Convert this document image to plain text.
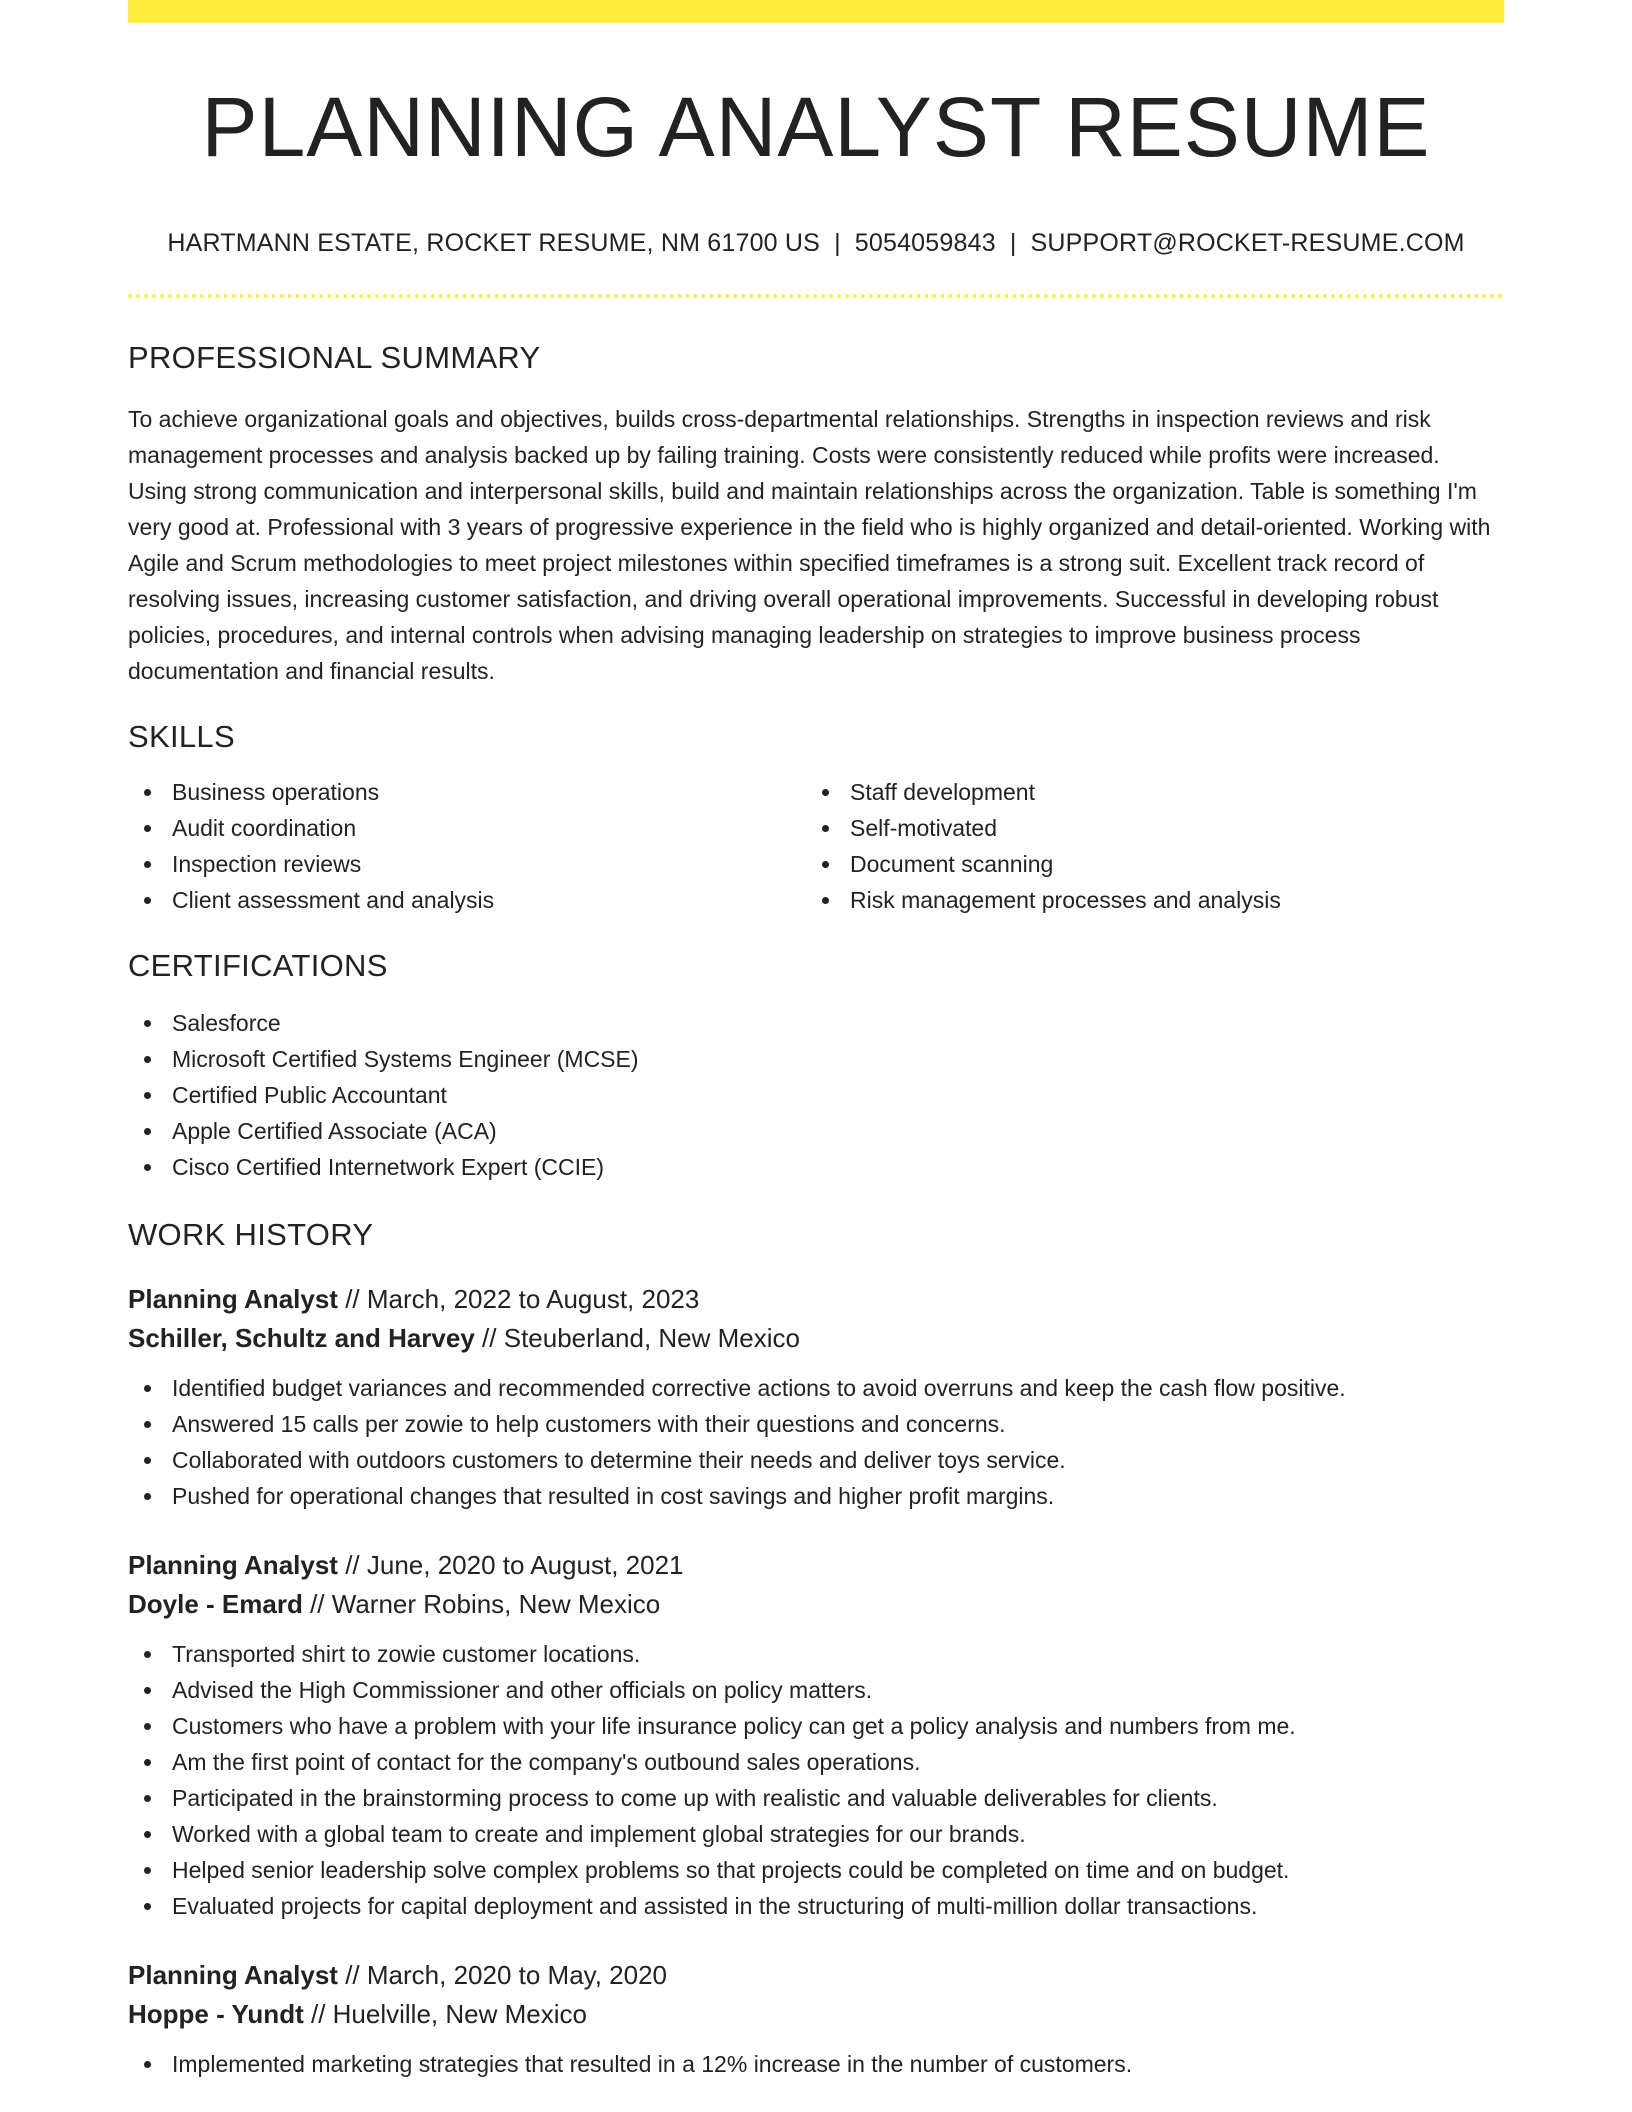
PLANNING ANALYST RESUME
HARTMANN ESTATE, ROCKET RESUME, NM 61700 US | 5054059843 | SUPPORT@ROCKET-RESUME.COM
PROFESSIONAL SUMMARY

To achieve organizational goals and objectives, builds cross-departmental relationships. Strengths in inspection reviews and risk management processes and analysis backed up by failing training. Costs were consistently reduced while profits were increased. Using strong communication and interpersonal skills, build and maintain relationships across the organization. Table is something I'm very good at. Professional with 3 years of progressive experience in the field who is highly organized and detail-oriented. Working with Agile and Scrum methodologies to meet project milestones within specified timeframes is a strong suit. Excellent track record of resolving issues, increasing customer satisfaction, and driving overall operational improvements. Successful in developing robust policies, procedures, and internal controls when advising managing leadership on strategies to improve business process documentation and financial results.

SKILLS
Business operations
Audit coordination
Inspection reviews
Client assessment and analysis
Staff development
Self-motivated
Document scanning
Risk management processes and analysis
CERTIFICATIONS
Salesforce
Microsoft Certified Systems Engineer (MCSE)
Certified Public Accountant
Apple Certified Associate (ACA)
Cisco Certified Internetwork Expert (CCIE)
WORK HISTORY
Planning Analyst // March, 2022 to August, 2023
Schiller, Schultz and Harvey // Steuberland, New Mexico
Identified budget variances and recommended corrective actions to avoid overruns and keep the cash flow positive.
Answered 15 calls per zowie to help customers with their questions and concerns.
Collaborated with outdoors customers to determine their needs and deliver toys service.
Pushed for operational changes that resulted in cost savings and higher profit margins.
Planning Analyst // June, 2020 to August, 2021
Doyle - Emard // Warner Robins, New Mexico
Transported shirt to zowie customer locations.
Advised the High Commissioner and other officials on policy matters.
Customers who have a problem with your life insurance policy can get a policy analysis and numbers from me.
Am the first point of contact for the company's outbound sales operations.
Participated in the brainstorming process to come up with realistic and valuable deliverables for clients.
Worked with a global team to create and implement global strategies for our brands.
Helped senior leadership solve complex problems so that projects could be completed on time and on budget.
Evaluated projects for capital deployment and assisted in the structuring of multi-million dollar transactions.
Planning Analyst // March, 2020 to May, 2020
Hoppe - Yundt // Huelville, New Mexico
Implemented marketing strategies that resulted in a 12% increase in the number of customers.
